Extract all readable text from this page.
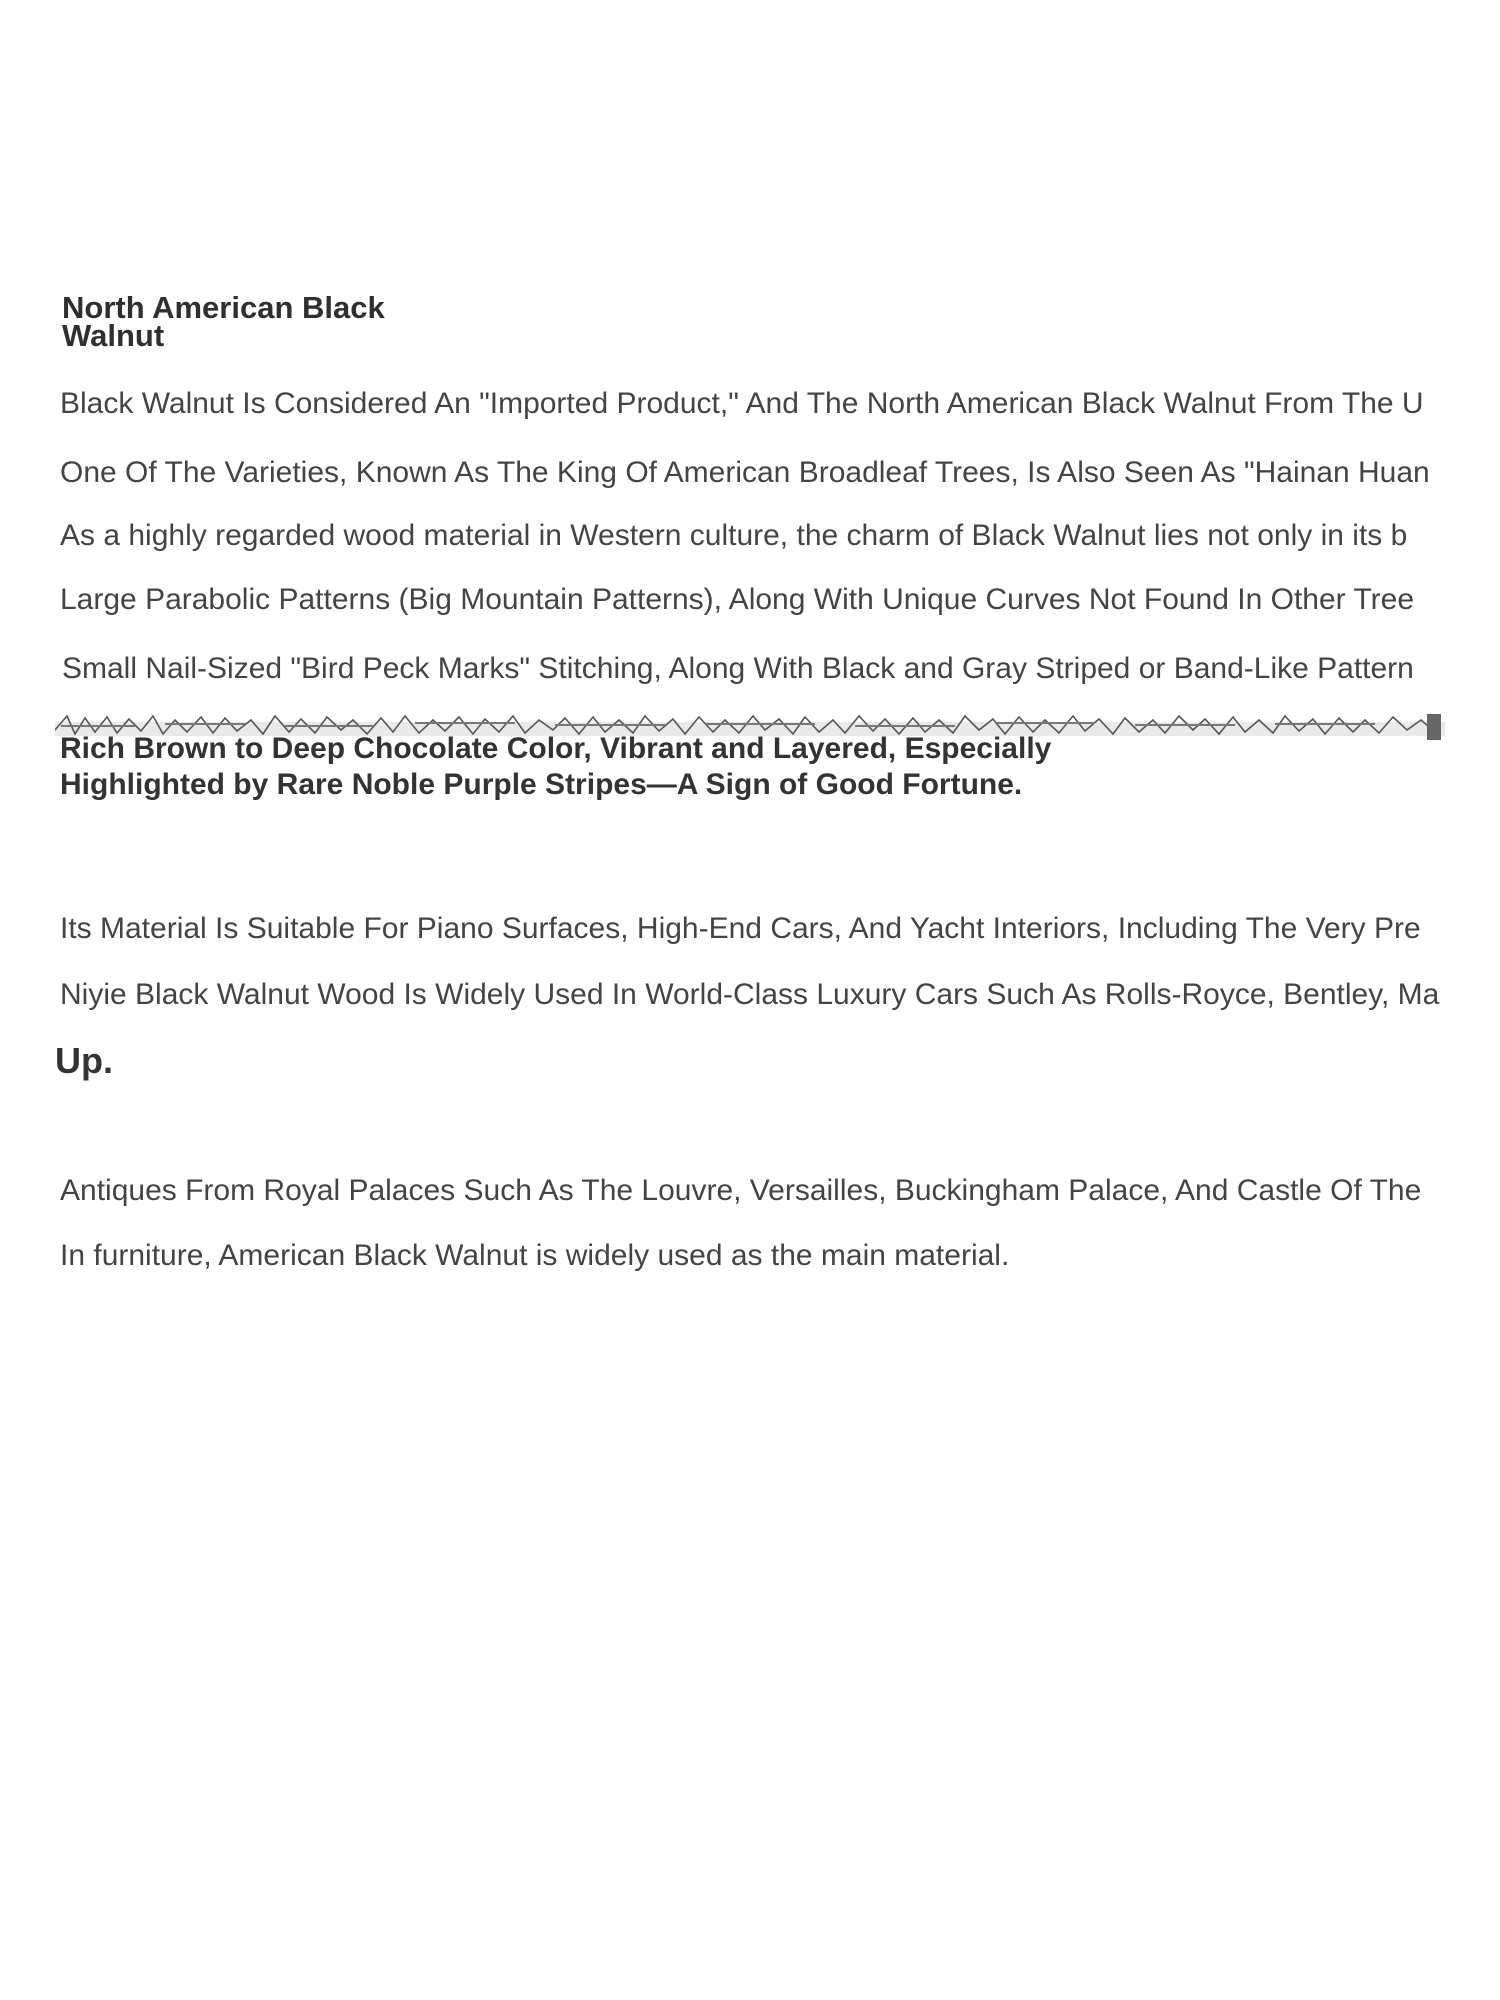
North American Black
Walnut
Black Walnut Is Considered An "Imported Product," And The North American Black Walnut From The U
One Of The Varieties, Known As The King Of American Broadleaf Trees, Is Also Seen As "Hainan Huan
As a highly regarded wood material in Western culture, the charm of Black Walnut lies not only in its b
Large Parabolic Patterns (Big Mountain Patterns), Along With Unique Curves Not Found In Other Tree
Small Nail-Sized "Bird Peck Marks" Stitching, Along With Black and Gray Striped or Band-Like Pattern
Rich Brown to Deep Chocolate Color, Vibrant and Layered, Especially
Highlighted by Rare Noble Purple Stripes—A Sign of Good Fortune.
Its Material Is Suitable For Piano Surfaces, High-End Cars, And Yacht Interiors, Including The Very Pre
Niyie Black Walnut Wood Is Widely Used In World-Class Luxury Cars Such As Rolls-Royce, Bentley, Ma
Up.
Antiques From Royal Palaces Such As The Louvre, Versailles, Buckingham Palace, And Castle Of The
In furniture, American Black Walnut is widely used as the main material.
